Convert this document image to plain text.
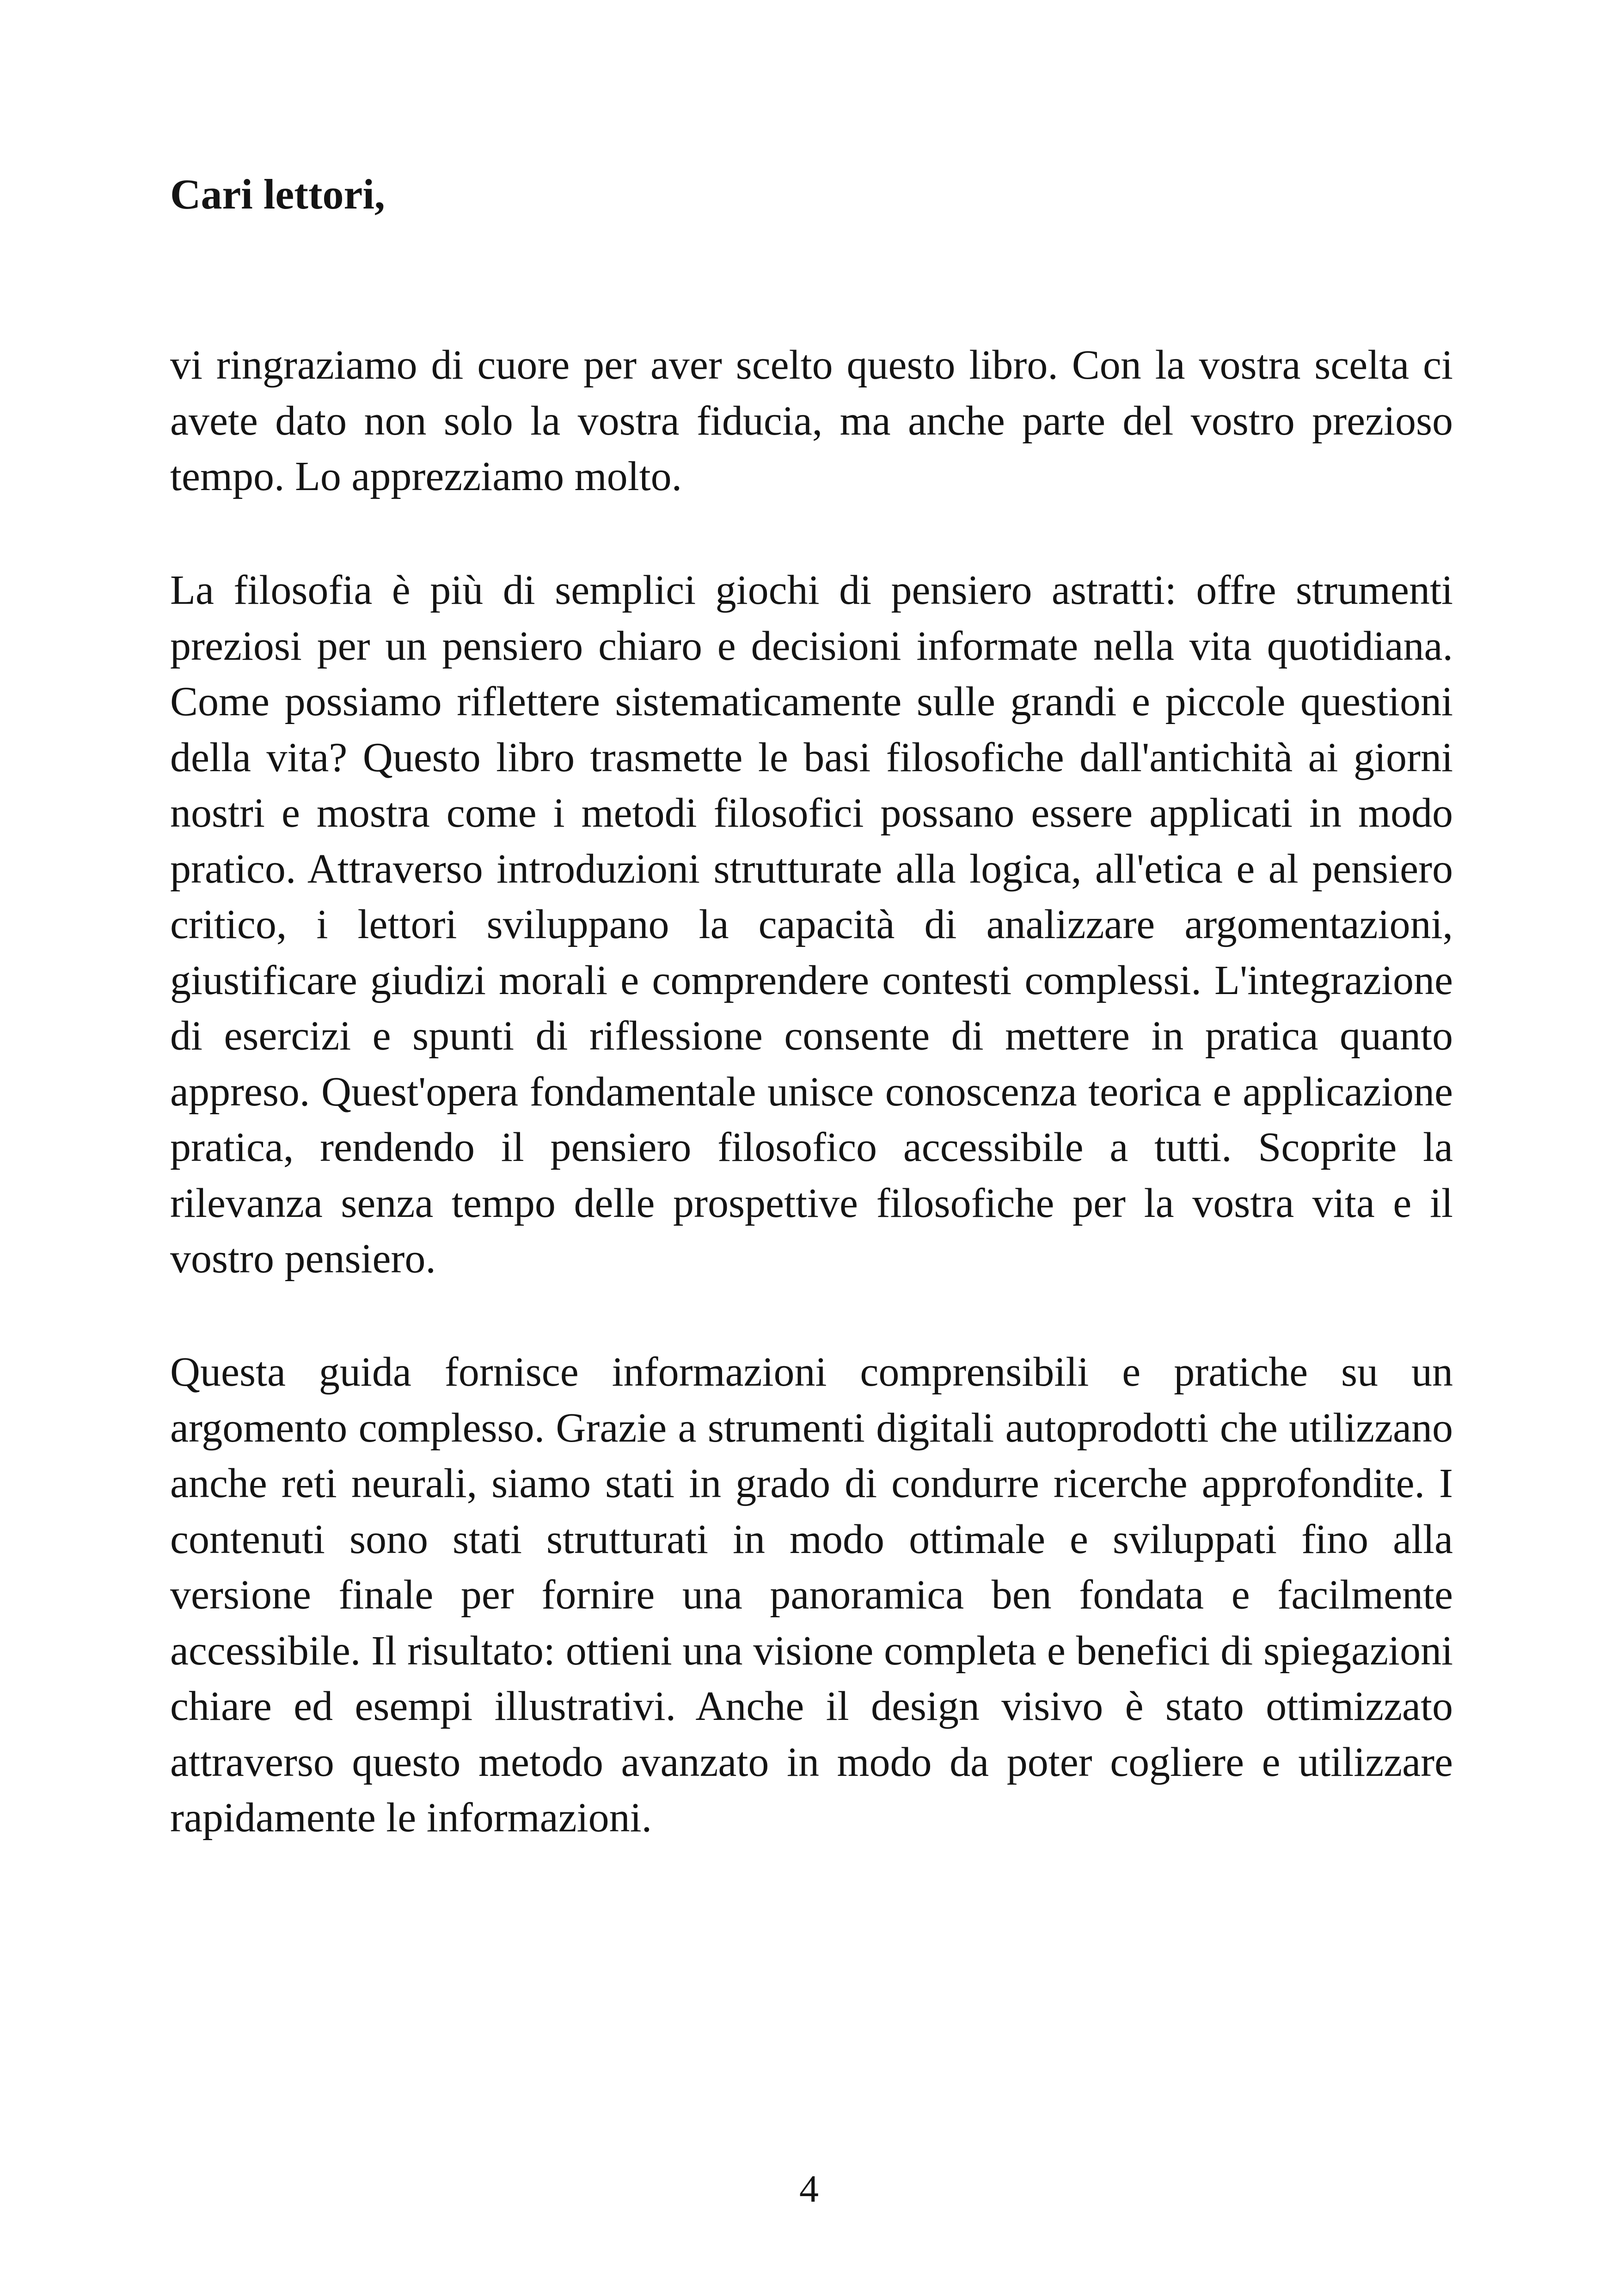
Cari lettori,

vi ringraziamo di cuore per aver scelto questo libro. Con la vostra scelta ci avete dato non solo la vostra fiducia, ma anche parte del vostro prezioso tempo. Lo apprezziamo molto.

La filosofia è più di semplici giochi di pensiero astratti: offre strumenti preziosi per un pensiero chiaro e decisioni informate nella vita quotidiana. Come possiamo riflettere sistematicamente sulle grandi e piccole questioni della vita? Questo libro trasmette le basi filosofiche dall'antichità ai giorni nostri e mostra come i metodi filosofici possano essere applicati in modo pratico. Attraverso introduzioni strutturate alla logica, all'etica e al pensiero critico, i lettori sviluppano la capacità di analizzare argomentazioni, giustificare giudizi morali e comprendere contesti complessi. L'integrazione di esercizi e spunti di riflessione consente di mettere in pratica quanto appreso. Quest'opera fondamentale unisce conoscenza teorica e applicazione pratica, rendendo il pensiero filosofico accessibile a tutti. Scoprite la rilevanza senza tempo delle prospettive filosofiche per la vostra vita e il vostro pensiero.

Questa guida fornisce informazioni comprensibili e pratiche su un argomento complesso. Grazie a strumenti digitali autoprodotti che utilizzano anche reti neurali, siamo stati in grado di condurre ricerche approfondite. I contenuti sono stati strutturati in modo ottimale e sviluppati fino alla versione finale per fornire una panoramica ben fondata e facilmente accessibile. Il risultato: ottieni una visione completa e benefici di spiegazioni chiare ed esempi illustrativi. Anche il design visivo è stato ottimizzato attraverso questo metodo avanzato in modo da poter cogliere e utilizzare rapidamente le informazioni.

4
